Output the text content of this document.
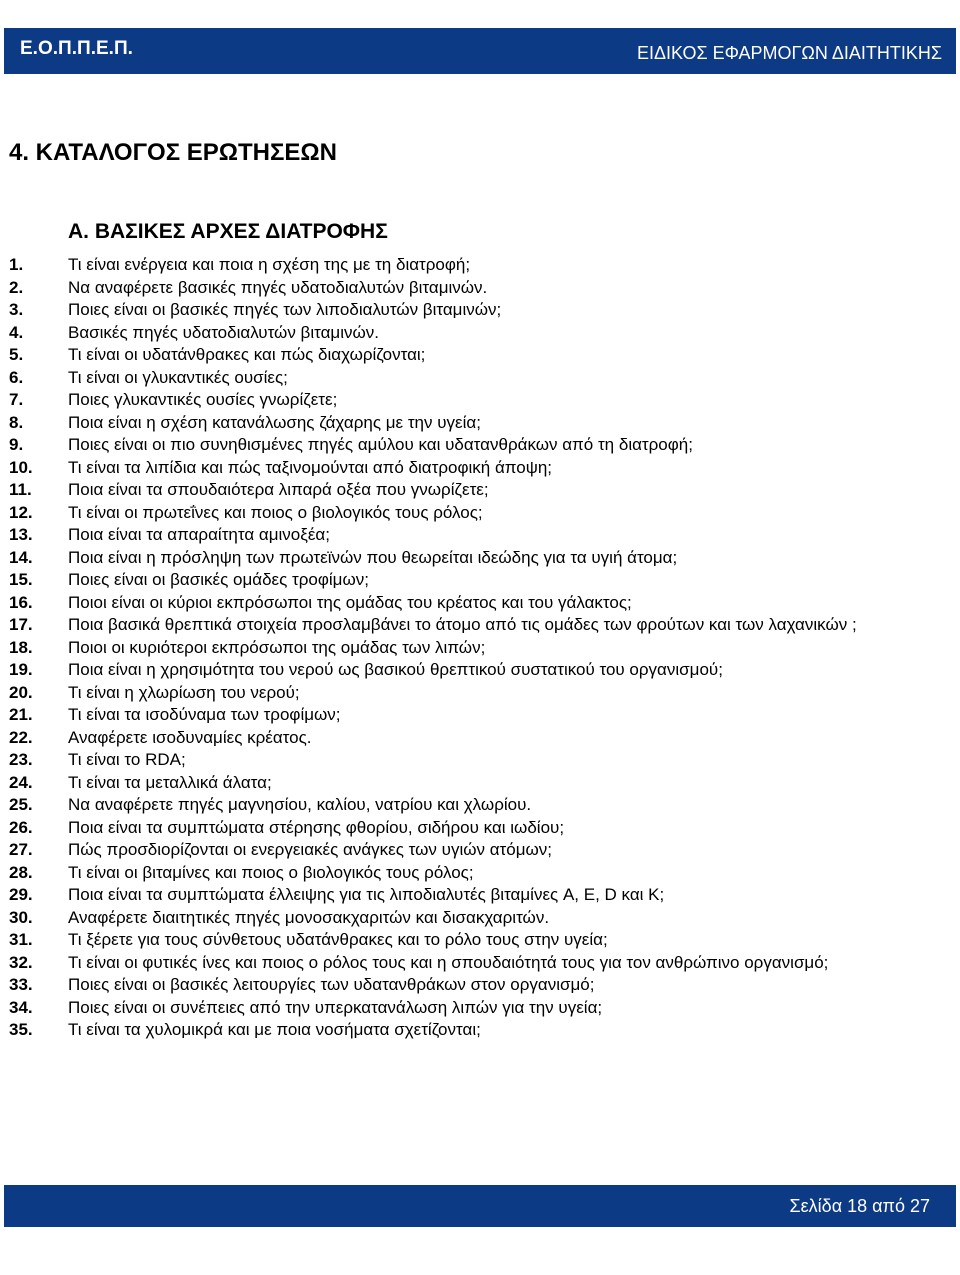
Ε.Ο.Π.Π.Ε.Π.	ΕΙΔΙΚΟΣ ΕΦΑΡΜΟΓΩΝ ΔΙΑΙΤΗΤΙΚΗΣ
4. ΚΑΤΑΛΟΓΟΣ ΕΡΩΤΗΣΕΩΝ
Α. ΒΑΣΙΚΕΣ ΑΡΧΕΣ ΔΙΑΤΡΟΦΗΣ
1.	Τι είναι ενέργεια και ποια η σχέση της με τη διατροφή;
2.	Να αναφέρετε βασικές πηγές υδατοδιαλυτών βιταμινών.
3.	Ποιες είναι οι βασικές πηγές των λιποδιαλυτών βιταμινών;
4.	Βασικές πηγές υδατοδιαλυτών βιταμινών.
5.	Τι είναι οι υδατάνθρακες και πώς διαχωρίζονται;
6.	Τι είναι οι γλυκαντικές ουσίες;
7.	Ποιες γλυκαντικές ουσίες γνωρίζετε;
8.	Ποια είναι η σχέση κατανάλωσης ζάχαρης με την υγεία;
9.	Ποιες είναι οι πιο συνηθισμένες πηγές αμύλου και υδατανθράκων από τη διατροφή;
10.	Τι είναι τα λιπίδια και πώς ταξινομούνται από διατροφική άποψη;
11.	Ποια είναι τα σπουδαιότερα λιπαρά οξέα που γνωρίζετε;
12.	Τι είναι οι πρωτεΐνες και ποιος ο βιολογικός τους ρόλος;
13.	Ποια είναι τα απαραίτητα αμινοξέα;
14.	Ποια είναι η πρόσληψη των πρωτεϊνών που θεωρείται ιδεώδης για τα υγιή άτομα;
15.	Ποιες είναι οι βασικές ομάδες τροφίμων;
16.	Ποιοι είναι οι κύριοι εκπρόσωποι της ομάδας του κρέατος και του γάλακτος;
17.	Ποια βασικά θρεπτικά στοιχεία προσλαμβάνει το άτομο από τις ομάδες των φρούτων και των λαχανικών ;
18.	Ποιοι οι κυριότεροι εκπρόσωποι της ομάδας των λιπών;
19.	Ποια είναι η χρησιμότητα του νερού ως βασικού θρεπτικού συστατικού του οργανισμού;
20.	Τι είναι η χλωρίωση του νερού;
21.	Τι είναι τα ισοδύναμα των τροφίμων;
22.	Αναφέρετε ισοδυναμίες κρέατος.
23.	Τι είναι το RDA;
24.	Τι είναι τα μεταλλικά άλατα;
25.	Να αναφέρετε πηγές μαγνησίου, καλίου, νατρίου και χλωρίου.
26.	Ποια είναι τα συμπτώματα στέρησης φθορίου, σιδήρου και ιωδίου;
27.	Πώς προσδιορίζονται οι ενεργειακές ανάγκες των υγιών ατόμων;
28.	Τι είναι οι βιταμίνες και ποιος ο βιολογικός τους ρόλος;
29.	Ποια είναι τα συμπτώματα έλλειψης για τις λιποδιαλυτές βιταμίνες A, E, D και K;
30.	Αναφέρετε διαιτητικές πηγές μονοσακχαριτών και δισακχαριτών.
31.	Τι ξέρετε για τους σύνθετους υδατάνθρακες και το ρόλο τους στην υγεία;
32.	Τι είναι οι φυτικές ίνες και ποιος ο ρόλος τους και η σπουδαιότητά τους για τον ανθρώπινο οργανισμό;
33.	Ποιες είναι οι βασικές λειτουργίες των υδατανθράκων στον οργανισμό;
34.	Ποιες είναι οι συνέπειες από την υπερκατανάλωση λιπών για την υγεία;
35.	Τι είναι τα χυλομικρά και με ποια νοσήματα σχετίζονται;
Σελίδα 18 από 27
